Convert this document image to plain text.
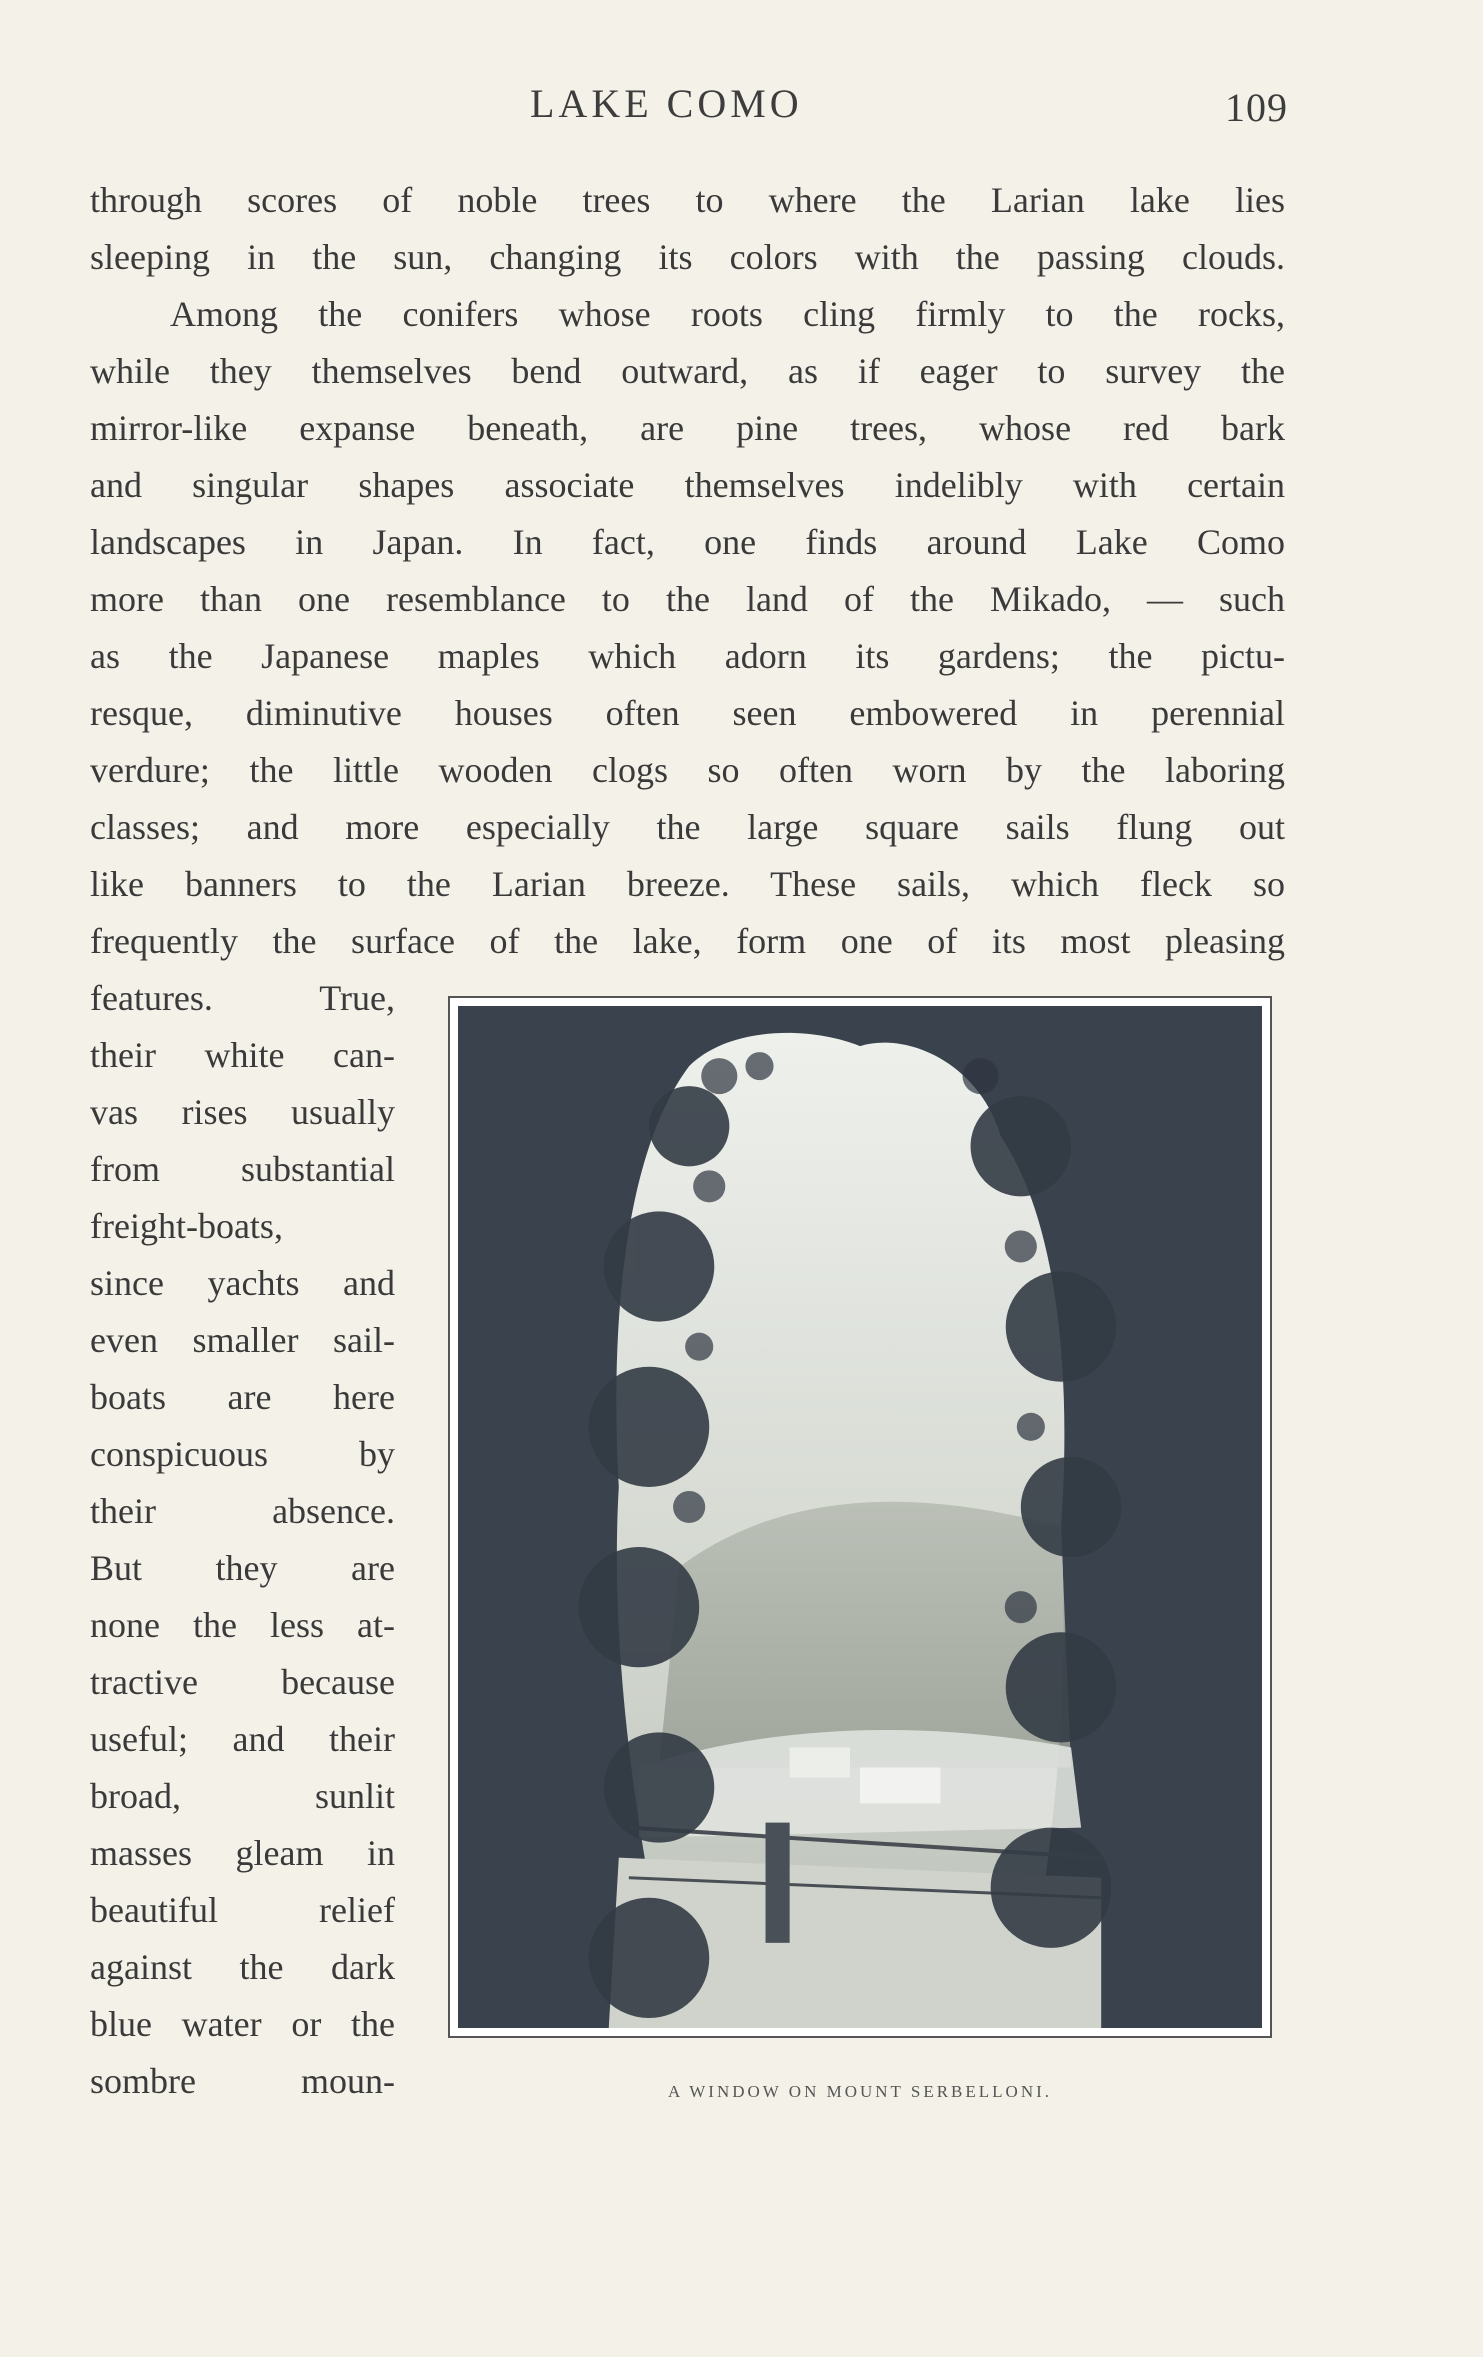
LAKE COMO	109
through scores of noble trees to where the Larian lake lies
sleeping in the sun, changing its colors with the passing clouds.
Among the conifers whose roots cling firmly to the rocks,
while they themselves bend outward, as if eager to survey the
mirror-like expanse beneath, are pine trees, whose red bark
and singular shapes associate themselves indelibly with certain
landscapes in Japan. In fact, one finds around Lake Como
more than one resemblance to the land of the Mikado, — such
as the Japanese maples which adorn its gardens; the pictu-
resque, diminutive houses often seen embowered in perennial
verdure; the little wooden clogs so often worn by the laboring
classes; and more especially the large square sails flung out
like banners to the Larian breeze. These sails, which fleck so
frequently the surface of the lake, form one of its most pleasing
features. True,
their white can-
vas rises usually
from substantial
freight-boats,
since yachts and
even smaller sail-
boats are here
conspicuous by
their absence.
But they are
none the less at-
tractive because
useful; and their
broad, sunlit
masses gleam in
beautiful relief
against the dark
blue water or the
sombre moun-	A WINDOW ON MOUNT SERBELLONI.
